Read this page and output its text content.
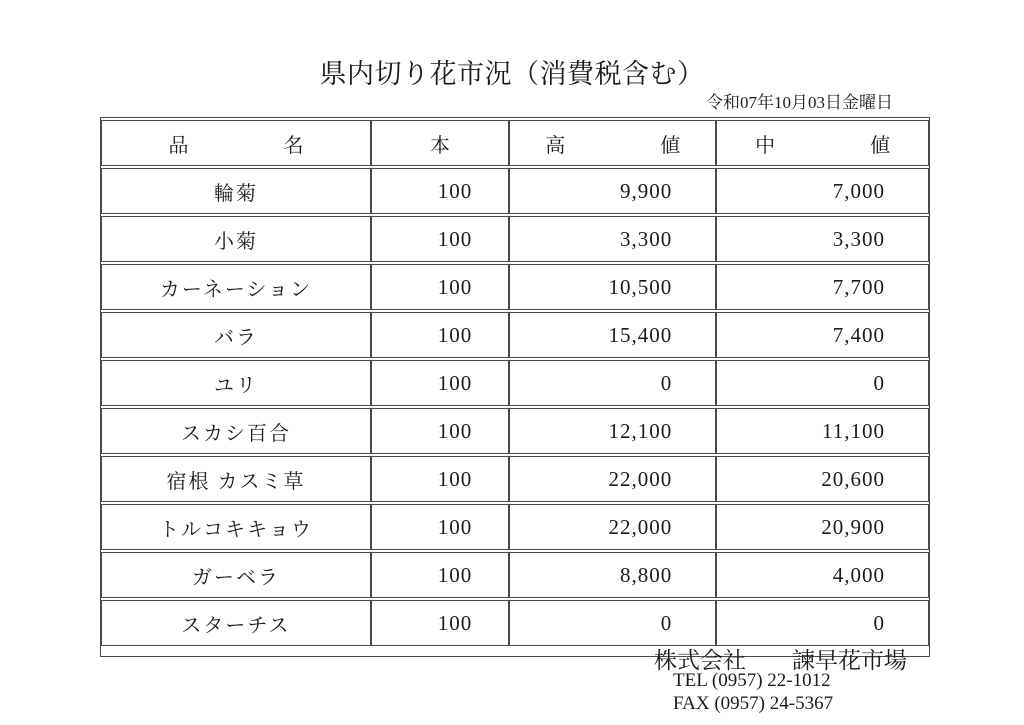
県内切り花市況（消費税含む）
令和07年10月03日金曜日
品 名	本	高 値	中 値

輪菊	100	9,900	7,000
小菊	100	3,300	3,300
カーネーション	100	10,500	7,700
バラ	100	15,400	7,400
ユリ	100	0	0
スカシ百合	100	12,100	11,100
宿根 カスミ草	100	22,000	20,600
トルコキキョウ	100	22,000	20,900
ガーベラ	100	8,800	4,000
スターチス	100	0	0
株式会社　　諫早花市場
TEL (0957) 22-1012
FAX (0957) 24-5367
